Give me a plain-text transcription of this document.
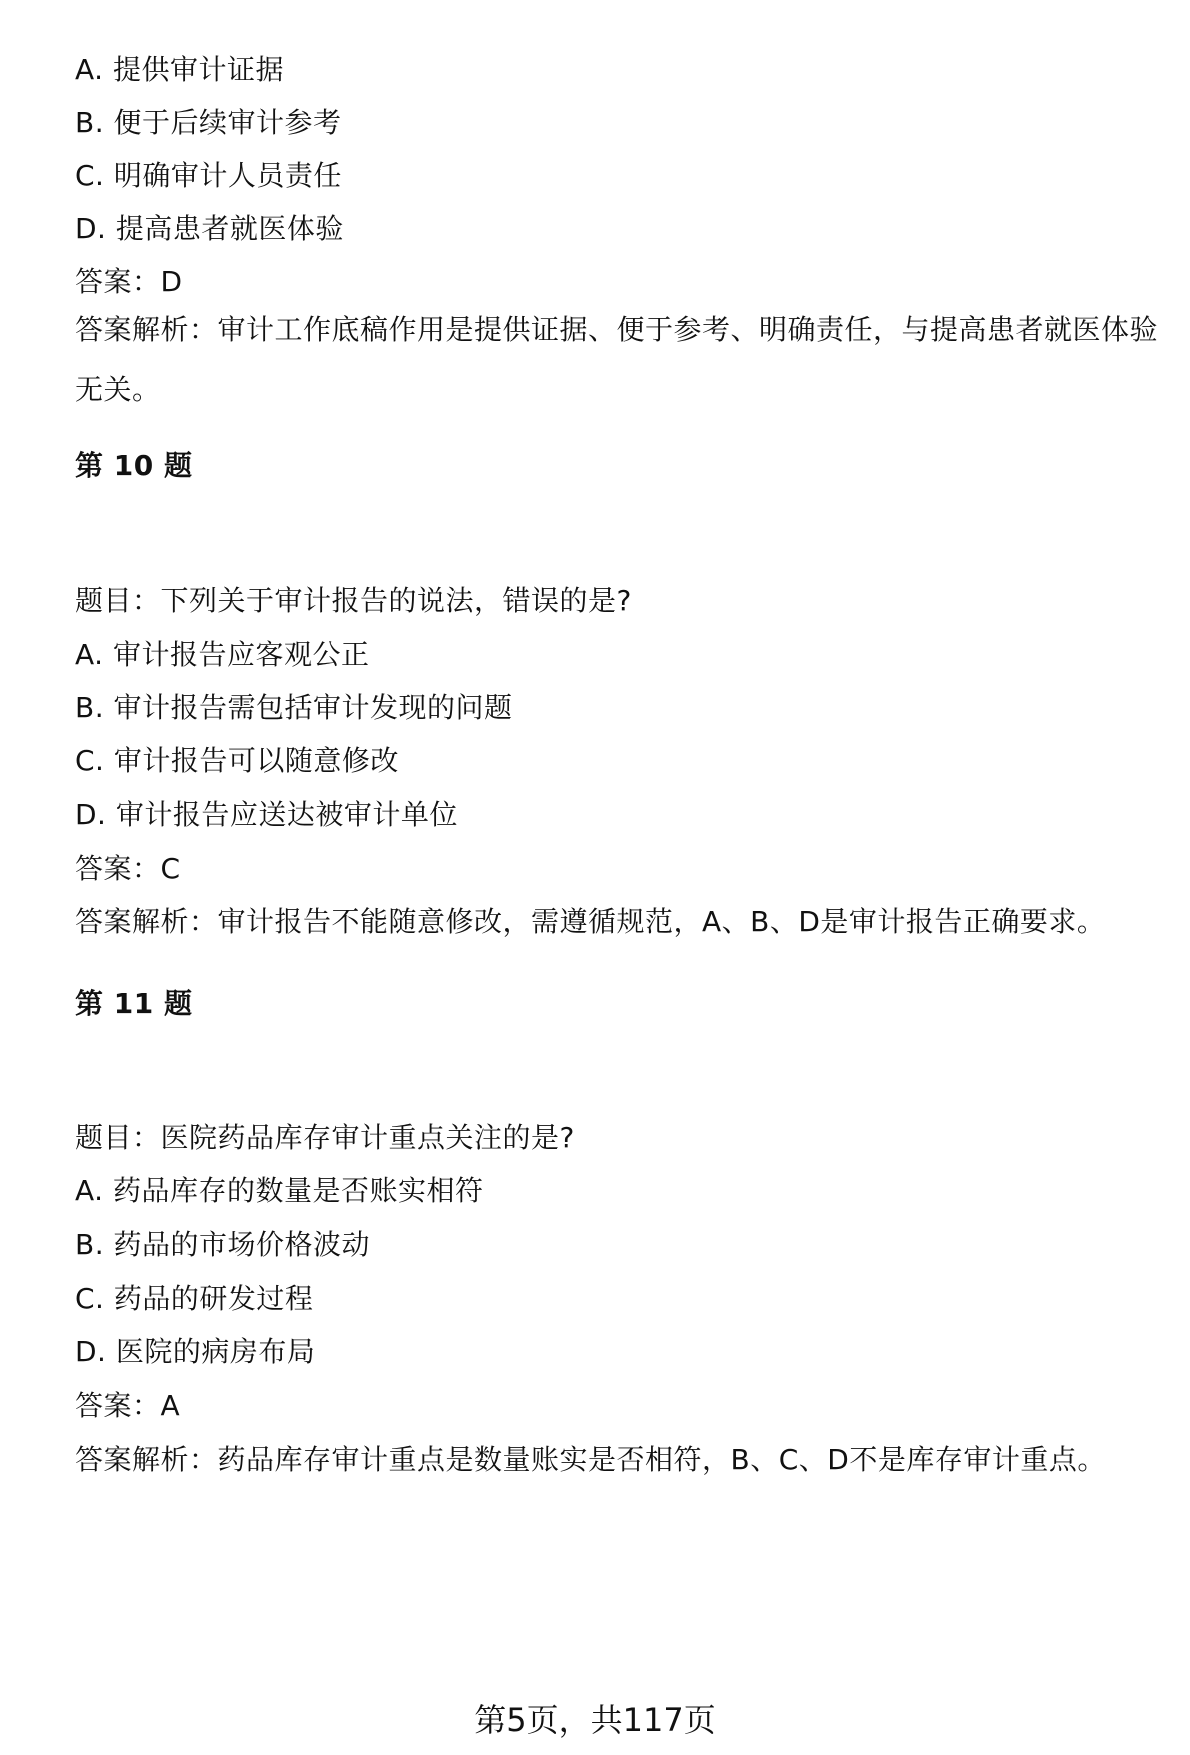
A. 提供审计证据
B. 便于后续审计参考
C. 明确审计人员责任
D. 提高患者就医体验
答案：D
答案解析：审计工作底稿作用是提供证据、便于参考、明确责任，与提高患者就医体验无关。
第 10 题
题目：下列关于审计报告的说法，错误的是?
A. 审计报告应客观公正
B. 审计报告需包括审计发现的问题
C. 审计报告可以随意修改
D. 审计报告应送达被审计单位
答案：C
答案解析：审计报告不能随意修改，需遵循规范，A、B、D是审计报告正确要求。
第 11 题
题目：医院药品库存审计重点关注的是?
A. 药品库存的数量是否账实相符
B. 药品的市场价格波动
C. 药品的研发过程
D. 医院的病房布局
答案：A
答案解析：药品库存审计重点是数量账实是否相符，B、C、D不是库存审计重点。
第5页，共117页
